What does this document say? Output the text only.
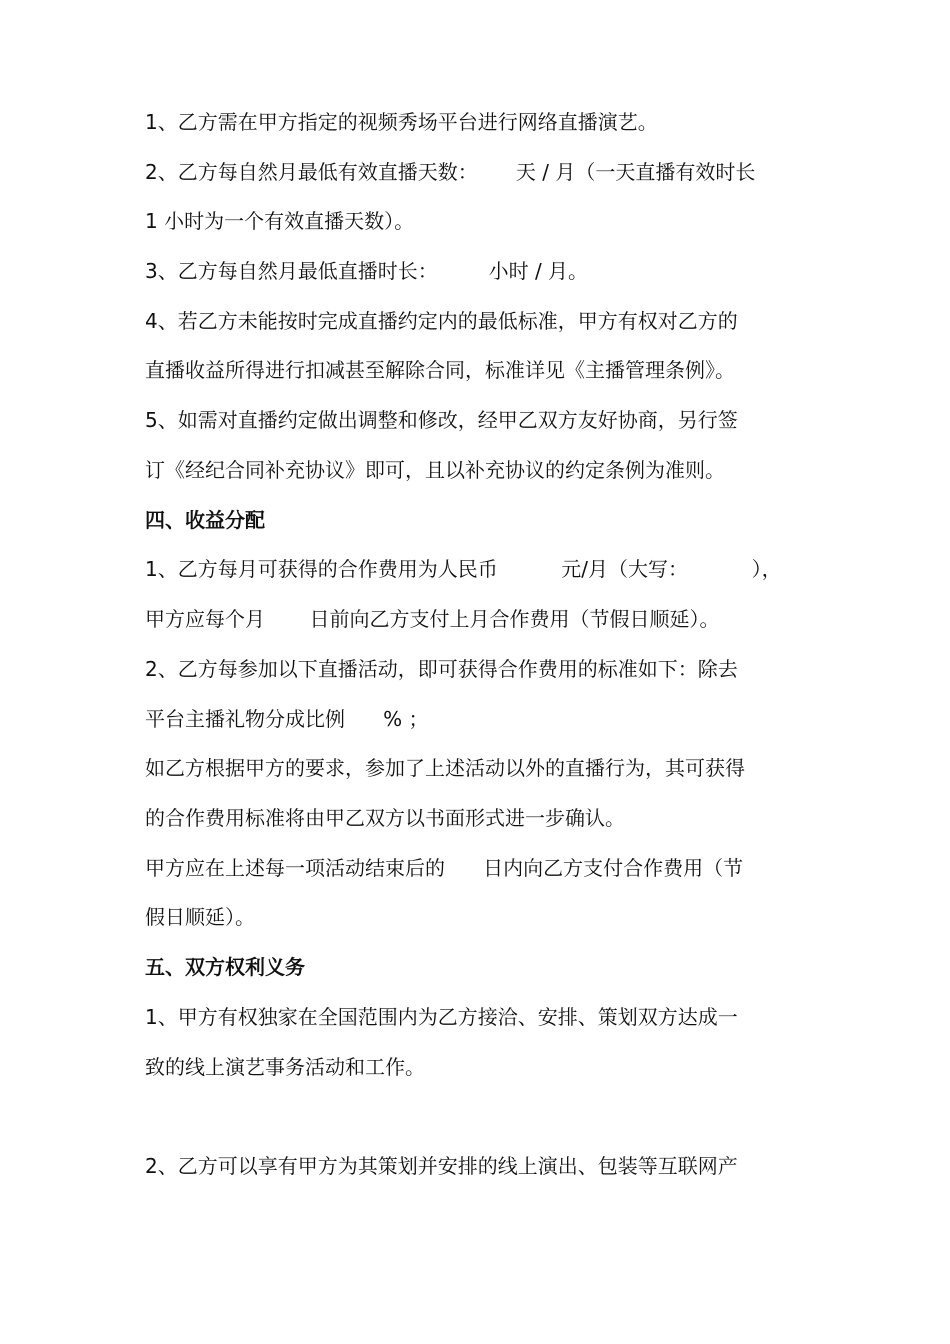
1、乙方需在甲方指定的视频秀场平台进行网络直播演艺。
2、乙方每自然月最低有效直播天数：      天 / 月（一天直播有效时长
1 小时为一个有效直播天数）。
3、乙方每自然月最低直播时长：        小时 / 月。
4、若乙方未能按时完成直播约定内的最低标准，甲方有权对乙方的
直播收益所得进行扣减甚至解除合同，标准详见《主播管理条例》。
5、如需对直播约定做出调整和修改，经甲乙双方友好协商，另行签
订《经纪合同补充协议》即可，且以补充协议的约定条例为准则。
四、收益分配
1、乙方每月可获得的合作费用为人民币          元/月（大写：          ），
甲方应每个月       日前向乙方支付上月合作费用（节假日顺延）。
2、乙方每参加以下直播活动，即可获得合作费用的标准如下：除去
平台主播礼物分成比例      % ；
如乙方根据甲方的要求，参加了上述活动以外的直播行为，其可获得
的合作费用标准将由甲乙双方以书面形式进一步确认。
甲方应在上述每一项活动结束后的      日内向乙方支付合作费用（节
假日顺延）。
五、双方权利义务
1、甲方有权独家在全国范围内为乙方接洽、安排、策划双方达成一
致的线上演艺事务活动和工作。
2、乙方可以享有甲方为其策划并安排的线上演出、包装等互联网产
